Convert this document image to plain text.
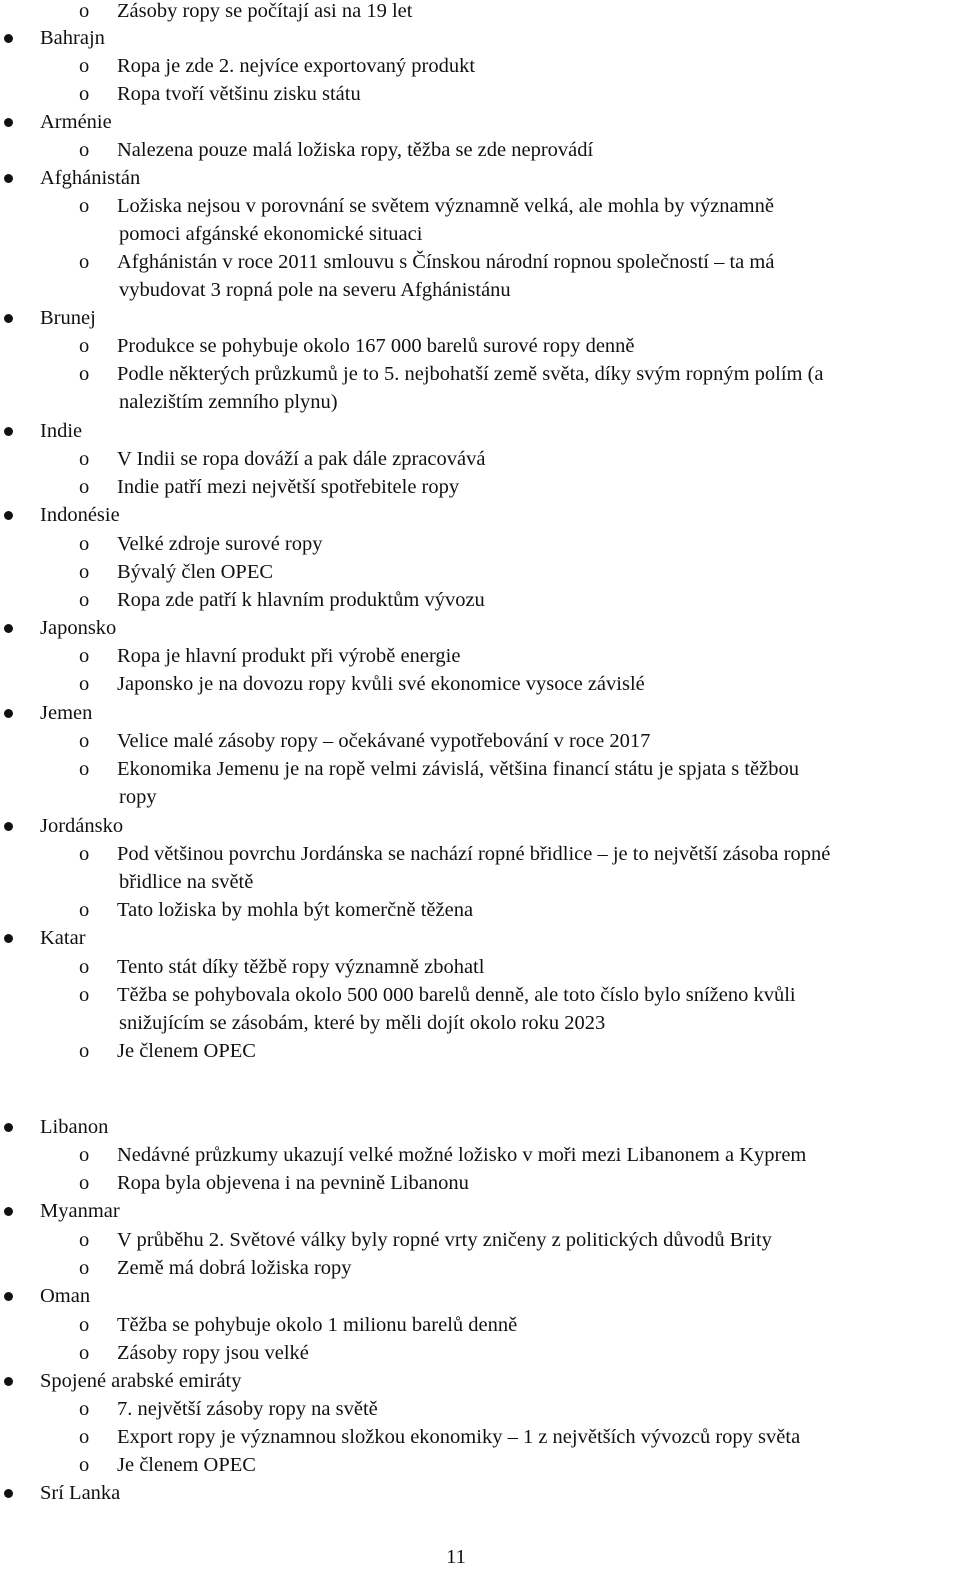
o Zásoby ropy se počítají asi na 19 let
Bahrajn
o Ropa je zde 2. nejvíce exportovaný produkt
o Ropa tvoří většinu zisku státu
Arménie
o Nalezena pouze malá ložiska ropy, těžba se zde neprovádí
Afghánistán
o Ložiska nejsou v porovnání se světem významně velká, ale mohla by významně
pomoci afgánské ekonomické situaci
o Afghánistán v roce 2011 smlouvu s Čínskou národní ropnou společností – ta má
vybudovat 3 ropná pole na severu Afghánistánu
Brunej
o Produkce se pohybuje okolo 167 000 barelů surové ropy denně
o Podle některých průzkumů je to 5. nejbohatší země světa, díky svým ropným polím (a
nalezištím zemního plynu)
Indie
o V Indii se ropa dováží a pak dále zpracovává
o Indie patří mezi největší spotřebitele ropy
Indonésie
o Velké zdroje surové ropy
o Bývalý člen OPEC
o Ropa zde patří k hlavním produktům vývozu
Japonsko
o Ropa je hlavní produkt při výrobě energie
o Japonsko je na dovozu ropy kvůli své ekonomice vysoce závislé
Jemen
o Velice malé zásoby ropy – očekávané vypotřebování v roce 2017
o Ekonomika Jemenu je na ropě velmi závislá, většina financí státu je spjata s těžbou
ropy
Jordánsko
o Pod většinou povrchu Jordánska se nachází ropné břidlice – je to největší zásoba ropné
břidlice na světě
o Tato ložiska by mohla být komerčně těžena
Katar
o Tento stát díky těžbě ropy významně zbohatl
o Těžba se pohybovala okolo 500 000 barelů denně, ale toto číslo bylo sníženo kvůli
snižujícím se zásobám, které by měli dojít okolo roku 2023
o Je členem OPEC
Libanon
o Nedávné průzkumy ukazují velké možné ložisko v moři mezi Libanonem a Kyprem
o Ropa byla objevena i na pevnině Libanonu
Myanmar
o V průběhu 2. Světové války byly ropné vrty zničeny z politických důvodů Brity
o Země má dobrá ložiska ropy
Oman
o Těžba se pohybuje okolo 1 milionu barelů denně
o Zásoby ropy jsou velké
Spojené arabské emiráty
o 7. největší zásoby ropy na světě
o Export ropy je významnou složkou ekonomiky – 1 z největších vývozců ropy světa
o Je členem OPEC
Srí Lanka
11
